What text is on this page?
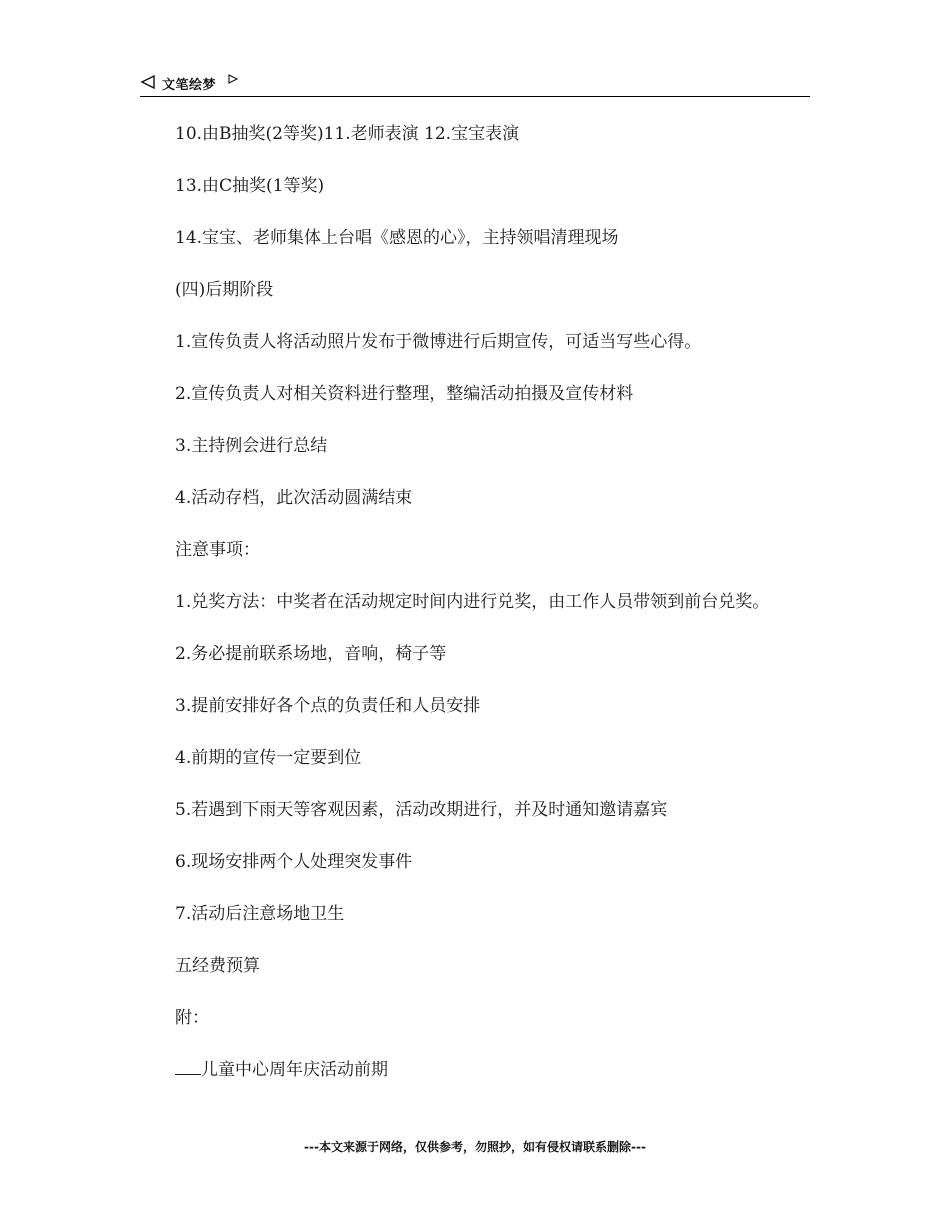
文笔绘梦
10.由B抽奖(2等奖)11.老师表演 12.宝宝表演
13.由C抽奖(1等奖)
14.宝宝、老师集体上台唱《感恩的心》，主持领唱清理现场
(四)后期阶段
1.宣传负责人将活动照片发布于微博进行后期宣传，可适当写些心得。
2.宣传负责人对相关资料进行整理，整编活动拍摄及宣传材料
3.主持例会进行总结
4.活动存档，此次活动圆满结束
注意事项：
1.兑奖方法：中奖者在活动规定时间内进行兑奖，由工作人员带领到前台兑奖。
2.务必提前联系场地，音响，椅子等
3.提前安排好各个点的负责任和人员安排
4.前期的宣传一定要到位
5.若遇到下雨天等客观因素，活动改期进行，并及时通知邀请嘉宾
6.现场安排两个人处理突发事件
7.活动后注意场地卫生
五经费预算
附：
儿童中心周年庆活动前期
---本文来源于网络，仅供参考，勿照抄，如有侵权请联系删除---
